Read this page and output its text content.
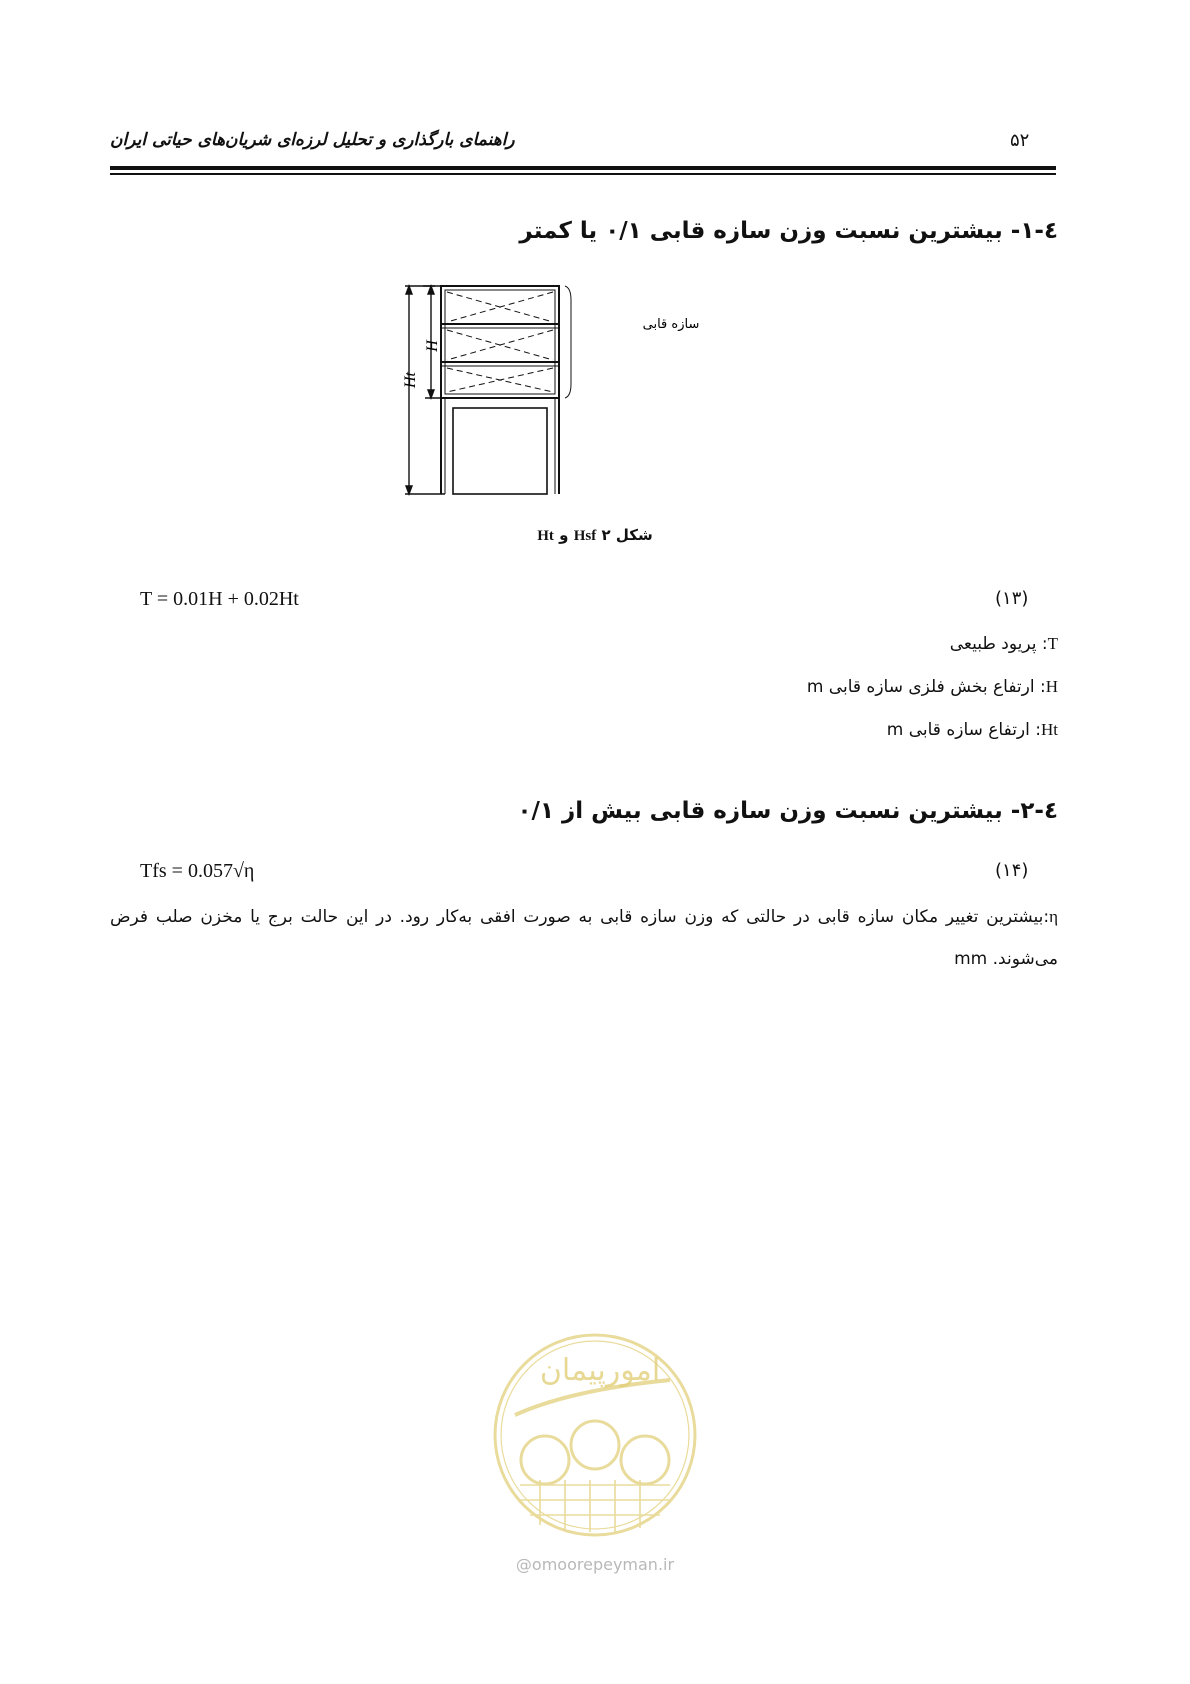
۵۲
راهنمای بارگذاری و تحلیل لرزه‌ای شریان‌های حیاتی ایران
٤-١- بیشترین نسبت وزن سازه قابی ٠/١ یا کمتر
H
Ht
سازه قابی
شکل ٢ Hsf و Ht
T = 0.01H + 0.02Ht	(١٣)
T: پریود طبیعی
H: ارتفاع بخش فلزی سازه قابی m
Ht: ارتفاع سازه قابی m
٤-٢- بیشترین نسبت وزن سازه قابی بیش از ٠/١
Tfs = 0.057√η	(١۴)
η:بیشترین تغییر مکان سازه قابی در حالتی که وزن سازه قابی به صورت افقی به‌کار رود. در این حالت برج یا مخزن صلب فرض می‌شوند. mm
امورپیمان
@omoorepeyman.ir
